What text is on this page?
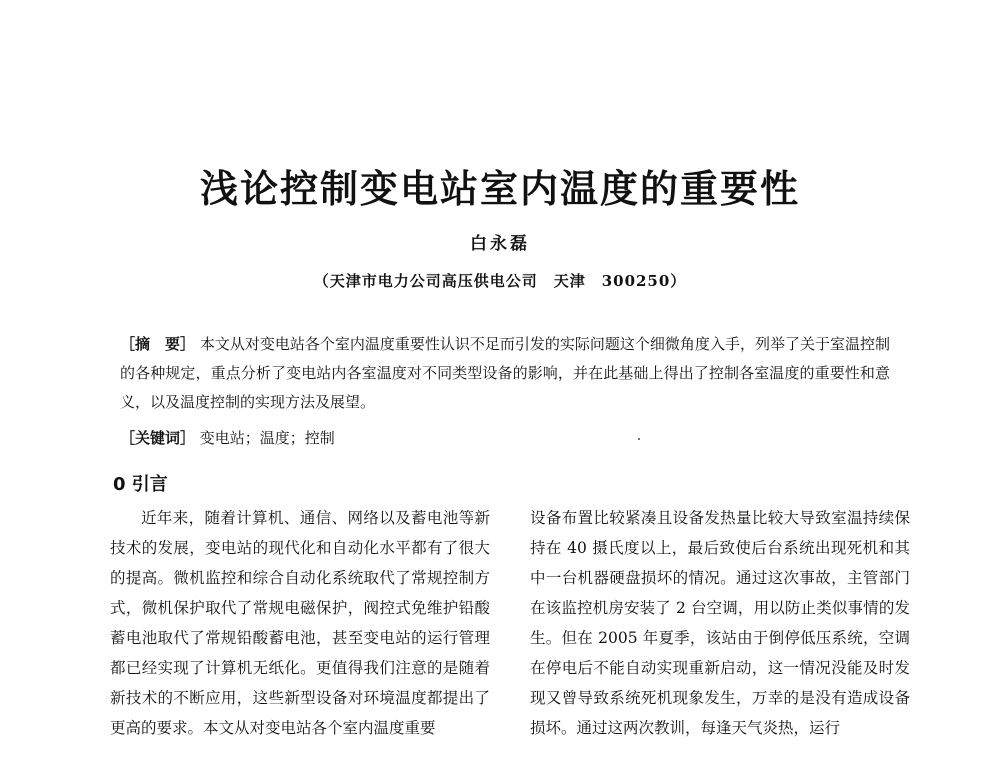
浅论控制变电站室内温度的重要性
白永磊
（天津市电力公司高压供电公司　天津　300250）
［摘　要］ 本文从对变电站各个室内温度重要性认识不足而引发的实际问题这个细微角度入手，列举了关于室温控制的各种规定，重点分析了变电站内各室温度对不同类型设备的影响，并在此基础上得出了控制各室温度的重要性和意义，以及温度控制的实现方法及展望。
［关键词］ 变电站；温度；控制
0 引言
近年来，随着计算机、通信、网络以及蓄电池等新技术的发展，变电站的现代化和自动化水平都有了很大的提高。微机监控和综合自动化系统取代了常规控制方式，微机保护取代了常规电磁保护，阀控式免维护铅酸蓄电池取代了常规铅酸蓄电池，甚至变电站的运行管理都已经实现了计算机无纸化。更值得我们注意的是随着新技术的不断应用，这些新型设备对环境温度都提出了更高的要求。本文从对变电站各个室内温度重要
设备布置比较紧凑且设备发热量比较大导致室温持续保持在 40 摄氏度以上，最后致使后台系统出现死机和其中一台机器硬盘损坏的情况。通过这次事故，主管部门在该监控机房安装了 2 台空调，用以防止类似事情的发生。但在 2005 年夏季，该站由于倒停低压系统，空调在停电后不能自动实现重新启动，这一情况没能及时发现又曾导致系统死机现象发生，万幸的是没有造成设备损坏。通过这两次教训，每逢天气炎热，运行
